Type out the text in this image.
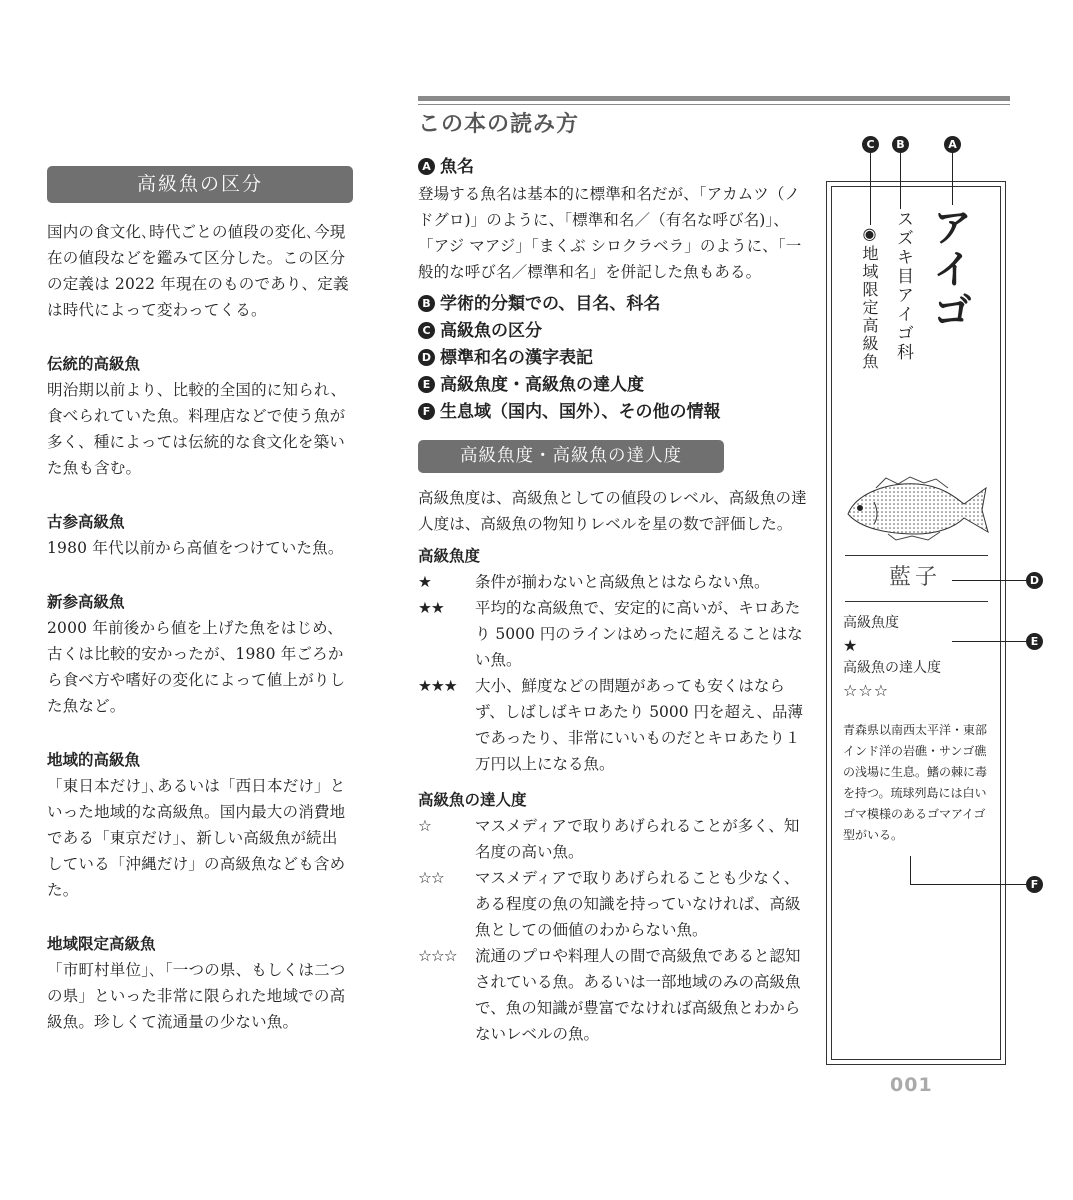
高級魚の区分

国内の食文化､時代ごとの値段の変化､今現在の値段などを鑑みて区分した。この区分の定義は 2022 年現在のものであり、定義は時代によって変わってくる。

伝統的高級魚

明治期以前より、比較的全国的に知られ、食べられていた魚。料理店などで使う魚が多く、種によっては伝統的な食文化を築いた魚も含む。

古参高級魚

1980 年代以前から高値をつけていた魚。

新参高級魚

2000 年前後から値を上げた魚をはじめ、古くは比較的安かったが、1980 年ごろから食べ方や嗜好の変化によって値上がりした魚など。

地域的高級魚

「東日本だけ｣､あるいは「西日本だけ」といった地域的な高級魚。国内最大の消費地である「東京だけ」、新しい高級魚が続出している「沖縄だけ」の高級魚なども含めた。

地域限定高級魚

「市町村単位｣､「一つの県、もしくは二つの県」といった非常に限られた地域での高級魚。珍しくて流通量の少ない魚。

この本の読み方
A 魚名

登場する魚名は基本的に標準和名だが、「アカムツ（ノドグロ)」のように、「標準和名／（有名な呼び名)」、「アジ マアジ」「まくぶ シロクラベラ」のように、「一般的な呼び名／標準和名」を併記した魚もある。

B 学術的分類での、目名、科名
C 高級魚の区分
D 標準和名の漢字表記
E 高級魚度・高級魚の達人度
F 生息域（国内、国外）、その他の情報
高級魚度・高級魚の達人度

高級魚度は、高級魚としての値段のレベル、高級魚の達人度は、高級魚の物知りレベルを星の数で評価した。

高級魚度
★	条件が揃わないと高級魚とはならない魚。
★★	平均的な高級魚で、安定的に高いが、キロあたり 5000 円のラインはめったに超えることはない魚。
★★★	大小、鮮度などの問題があっても安くはならず、しばしばキロあたり 5000 円を超え、品薄であったり、非常にいいものだとキロあたり１万円以上になる魚。
高級魚の達人度
☆	マスメディアで取りあげられることが多く、知名度の高い魚。
☆☆	マスメディアで取りあげられることも少なく、ある程度の魚の知識を持っていなければ、高級魚としての価値のわからない魚。
☆☆☆	流通のプロや料理人の間で高級魚であると認知されている魚。あるいは一部地域のみの高級魚で、魚の知識が豊富でなければ高級魚とわからないレベルの魚。
C	B	A
アイゴ
スズキ目アイゴ科
◉地域限定高級魚
藍子	D
高級魚度
★
高級魚の達人度
☆☆☆
E
青森県以南西太平洋・東部インド洋の岩礁・サンゴ礁の浅場に生息。鰭の棘に毒を持つ。琉球列島には白いゴマ模様のあるゴマアイゴ型がいる。
F
001
